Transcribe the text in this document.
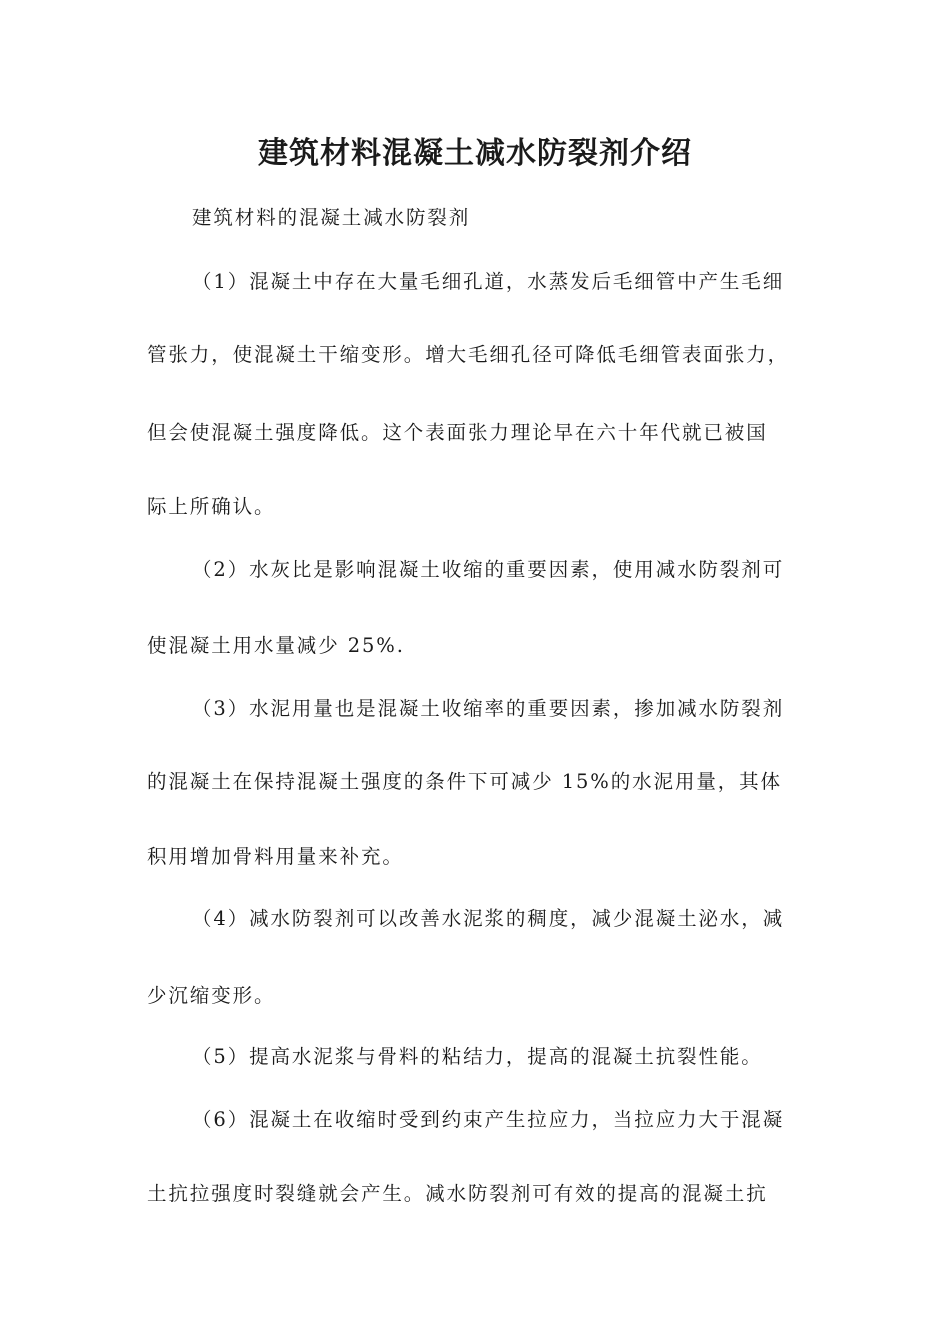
建筑材料混凝土减水防裂剂介绍

建筑材料的混凝土减水防裂剂

（1）混凝土中存在大量毛细孔道，水蒸发后毛细管中产生毛细

管张力，使混凝土干缩变形。增大毛细孔径可降低毛细管表面张力，

但会使混凝土强度降低。这个表面张力理论早在六十年代就已被国

际上所确认。

（2）水灰比是影响混凝土收缩的重要因素，使用减水防裂剂可

使混凝土用水量减少 25%.

（3）水泥用量也是混凝土收缩率的重要因素，掺加减水防裂剂

的混凝土在保持混凝土强度的条件下可减少 15%的水泥用量，其体

积用增加骨料用量来补充。

（4）减水防裂剂可以改善水泥浆的稠度，减少混凝土泌水，减

少沉缩变形。

（5）提高水泥浆与骨料的粘结力，提高的混凝土抗裂性能。

（6）混凝土在收缩时受到约束产生拉应力，当拉应力大于混凝

土抗拉强度时裂缝就会产生。减水防裂剂可有效的提高的混凝土抗
